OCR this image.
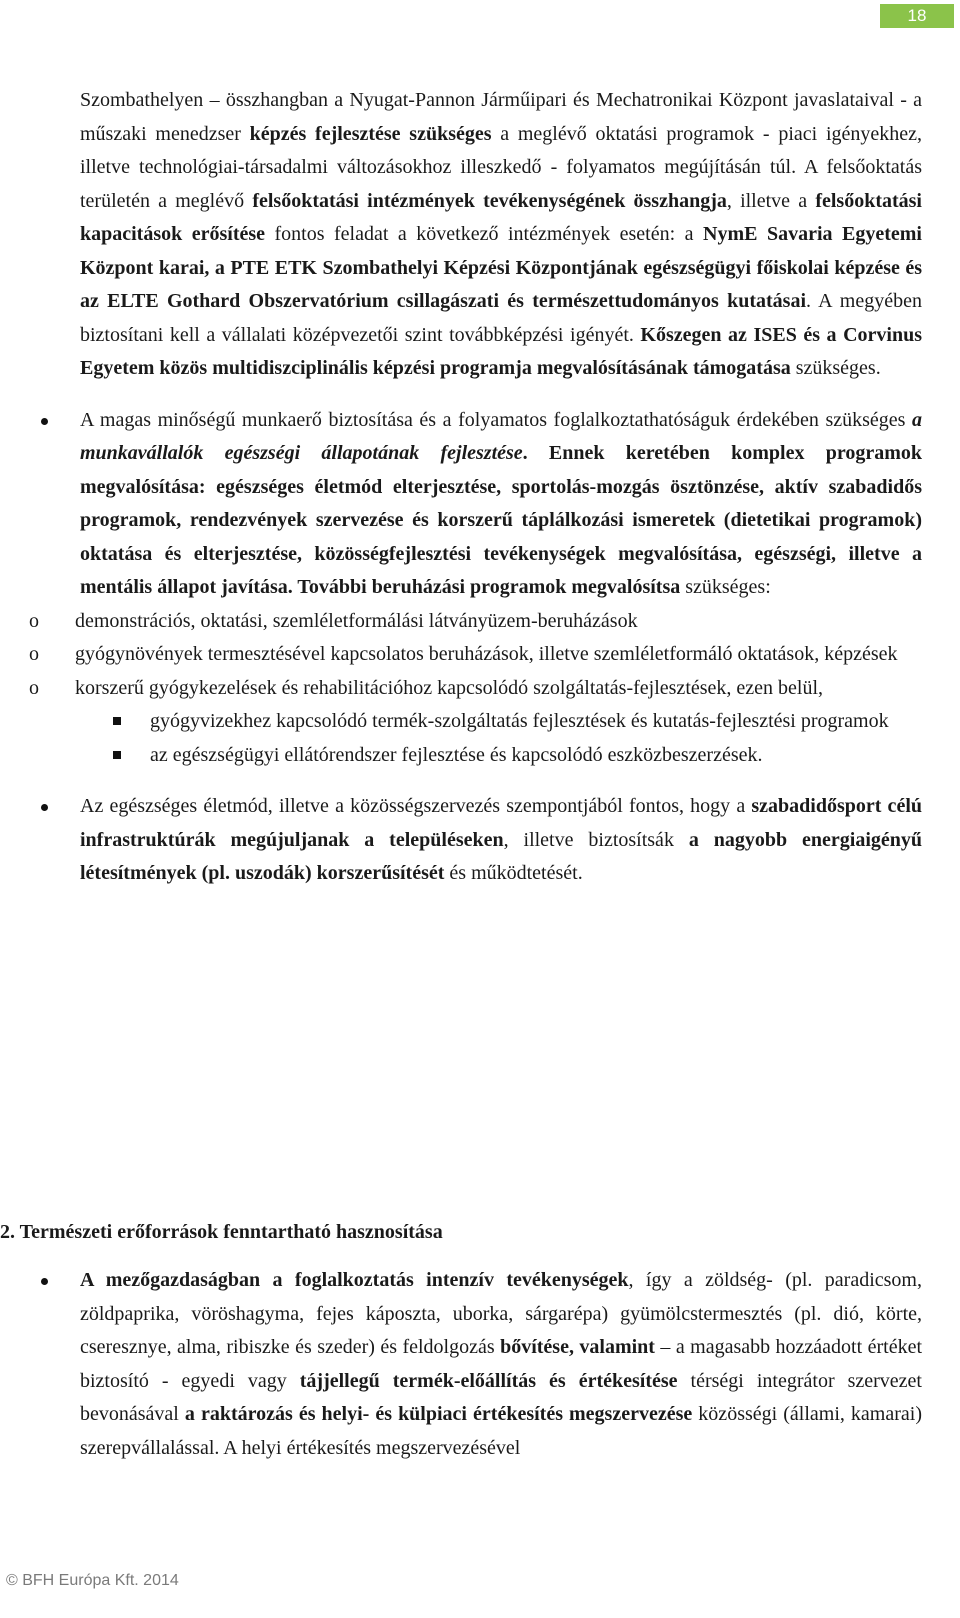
18

Szombathelyen – összhangban a Nyugat-Pannon Járműipari és Mechatronikai Központ javaslataival - a műszaki menedzser képzés fejlesztése szükséges a meglévő oktatási programok - piaci igényekhez, illetve technológiai-társadalmi változásokhoz illeszkedő - folyamatos megújításán túl. A felsőoktatás területén a meglévő felsőoktatási intézmények tevékenységének összhangja, illetve a felsőoktatási kapacitások erősítése fontos feladat a következő intézmények esetén: a NymE Savaria Egyetemi Központ karai, a PTE ETK Szombathelyi Képzési Központjának egészségügyi főiskolai képzése és az ELTE Gothard Obszervatórium csillagászati és természettudományos kutatásai. A megyében biztosítani kell a vállalati középvezetői szint továbbképzési igényét. Kőszegen az ISES és a Corvinus Egyetem közös multidiszciplinális képzési programja megvalósításának támogatása szükséges.

A magas minőségű munkaerő biztosítása és a folyamatos foglalkoztathatóságuk érdekében szükséges a munkavállalók egészségi állapotának fejlesztése. Ennek keretében komplex programok megvalósítása: egészséges életmód elterjesztése, sportolás-mozgás ösztönzése, aktív szabadidős programok, rendezvények szervezése és korszerű táplálkozási ismeretek (dietetikai programok) oktatása és elterjesztése, közösségfejlesztési tevékenységek megvalósítása, egészségi, illetve a mentális állapot javítása. További beruházási programok megvalósítsa szükséges:

o demonstrációs, oktatási, szemléletformálási látványüzem-beruházások
o gyógynövények termesztésével kapcsolatos beruházások, illetve szemléletformáló oktatások, képzések
o korszerű gyógykezelések és rehabilitációhoz kapcsolódó szolgáltatás-fejlesztések, ezen belül,
gyógyvizekhez kapcsolódó termék-szolgáltatás fejlesztések és kutatás-fejlesztési programok
az egészségügyi ellátórendszer fejlesztése és kapcsolódó eszközbeszerzések.

Az egészséges életmód, illetve a közösségszervezés szempontjából fontos, hogy a szabadidősport célú infrastruktúrák megújuljanak a településeken, illetve biztosítsák a nagyobb energiaigényű létesítmények (pl. uszodák) korszerűsítését és működtetését.

2. Természeti erőforrások fenntartható hasznosítása

A mezőgazdaságban a foglalkoztatás intenzív tevékenységek, így a zöldség- (pl. paradicsom, zöldpaprika, vöröshagyma, fejes káposzta, uborka, sárgarépa) gyümölcstermesztés (pl. dió, körte, cseresznye, alma, ribiszke és szeder) és feldolgozás bővítése, valamint – a magasabb hozzáadott értéket biztosító - egyedi vagy tájjellegű termék-előállítás és értékesítése térségi integrátor szervezet bevonásával a raktározás és helyi- és külpiaci értékesítés megszervezése közösségi (állami, kamarai) szerepvállalással. A helyi értékesítés megszervezésével

© BFH Európa Kft. 2014
